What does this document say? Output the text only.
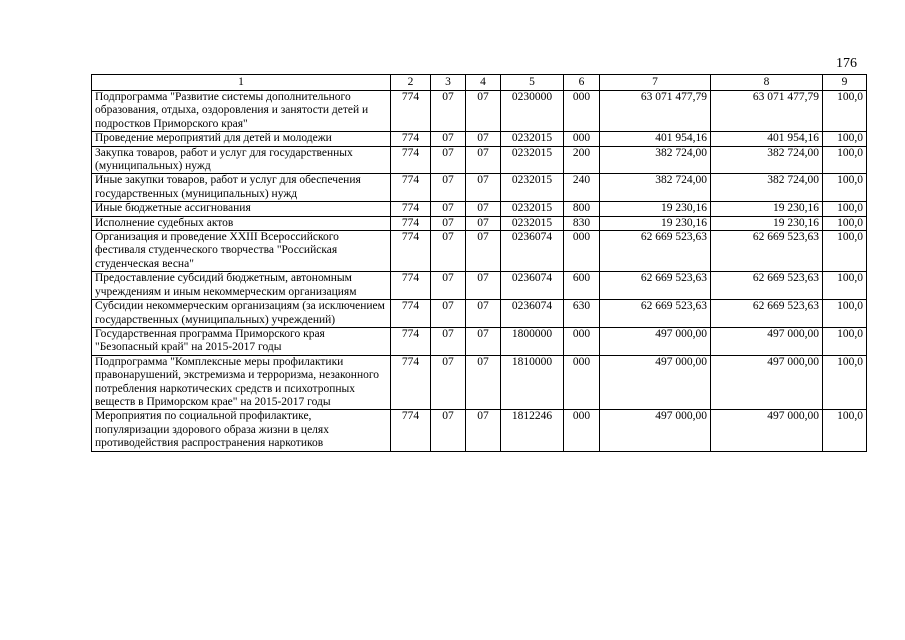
176
1	2	3	4	5	6	7	8	9
Подпрограмма "Развитие системы дополнительного образования, отдыха, оздоровления и занятости детей и подростков Приморского края"	774	07	07	0230000	000	63 071 477,79	63 071 477,79	100,0
Проведение мероприятий для детей и молодежи	774	07	07	0232015	000	401 954,16	401 954,16	100,0
Закупка товаров, работ и услуг для государственных (муниципальных) нужд	774	07	07	0232015	200	382 724,00	382 724,00	100,0
Иные закупки товаров, работ и услуг для обеспечения государственных (муниципальных) нужд	774	07	07	0232015	240	382 724,00	382 724,00	100,0
Иные бюджетные ассигнования	774	07	07	0232015	800	19 230,16	19 230,16	100,0
Исполнение судебных актов	774	07	07	0232015	830	19 230,16	19 230,16	100,0
Организация и проведение XXIII Всероссийского фестиваля студенческого творчества "Российская студенческая весна"	774	07	07	0236074	000	62 669 523,63	62 669 523,63	100,0
Предоставление субсидий бюджетным, автономным учреждениям и иным некоммерческим организациям	774	07	07	0236074	600	62 669 523,63	62 669 523,63	100,0
Субсидии некоммерческим организациям (за исключением государственных (муниципальных) учреждений)	774	07	07	0236074	630	62 669 523,63	62 669 523,63	100,0
Государственная программа Приморского края "Безопасный край" на 2015-2017 годы	774	07	07	1800000	000	497 000,00	497 000,00	100,0
Подпрограмма "Комплексные меры профилактики правонарушений, экстремизма и терроризма, незаконного потребления наркотических средств и психотропных веществ в Приморском крае" на 2015-2017 годы	774	07	07	1810000	000	497 000,00	497 000,00	100,0
Мероприятия по социальной профилактике, популяризации здорового образа жизни в целях противодействия распространения наркотиков	774	07	07	1812246	000	497 000,00	497 000,00	100,0
